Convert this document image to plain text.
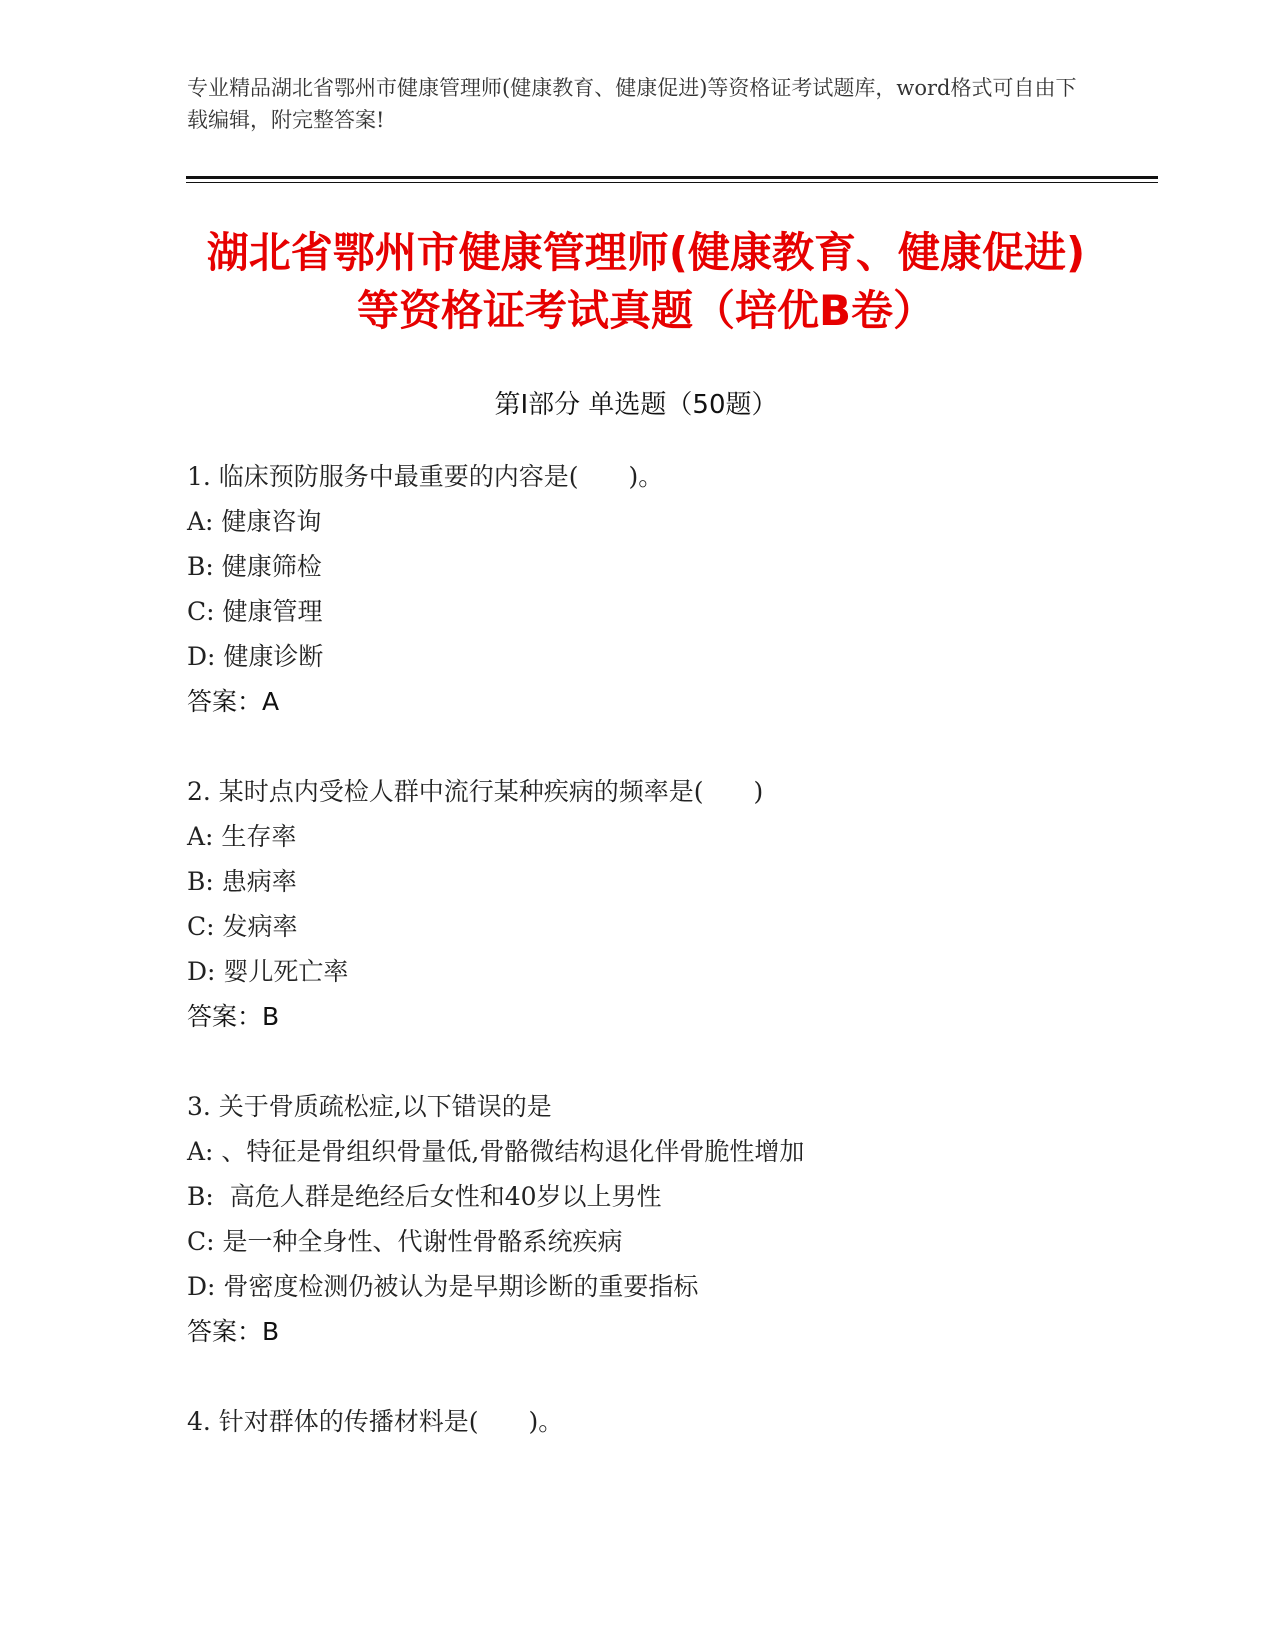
专业精品湖北省鄂州市健康管理师(健康教育、健康促进)等资格证考试题库，word格式可自由下载编辑，附完整答案!
湖北省鄂州市健康管理师(健康教育、健康促进)等资格证考试真题（培优B卷）
第Ⅰ部分 单选题（50题）
1. 临床预防服务中最重要的内容是(　　)。
A: 健康咨询
B: 健康筛检
C: 健康管理
D: 健康诊断
答案：A
2. 某时点内受检人群中流行某种疾病的频率是(　　)
A: 生存率
B: 患病率
C: 发病率
D: 婴儿死亡率
答案：B
3. 关于骨质疏松症,以下错误的是
A: 、特征是骨组织骨量低,骨骼微结构退化伴骨脆性增加
B:  高危人群是绝经后女性和40岁以上男性
C: 是一种全身性、代谢性骨骼系统疾病
D: 骨密度检测仍被认为是早期诊断的重要指标
答案：B
4. 针对群体的传播材料是(　　)。
